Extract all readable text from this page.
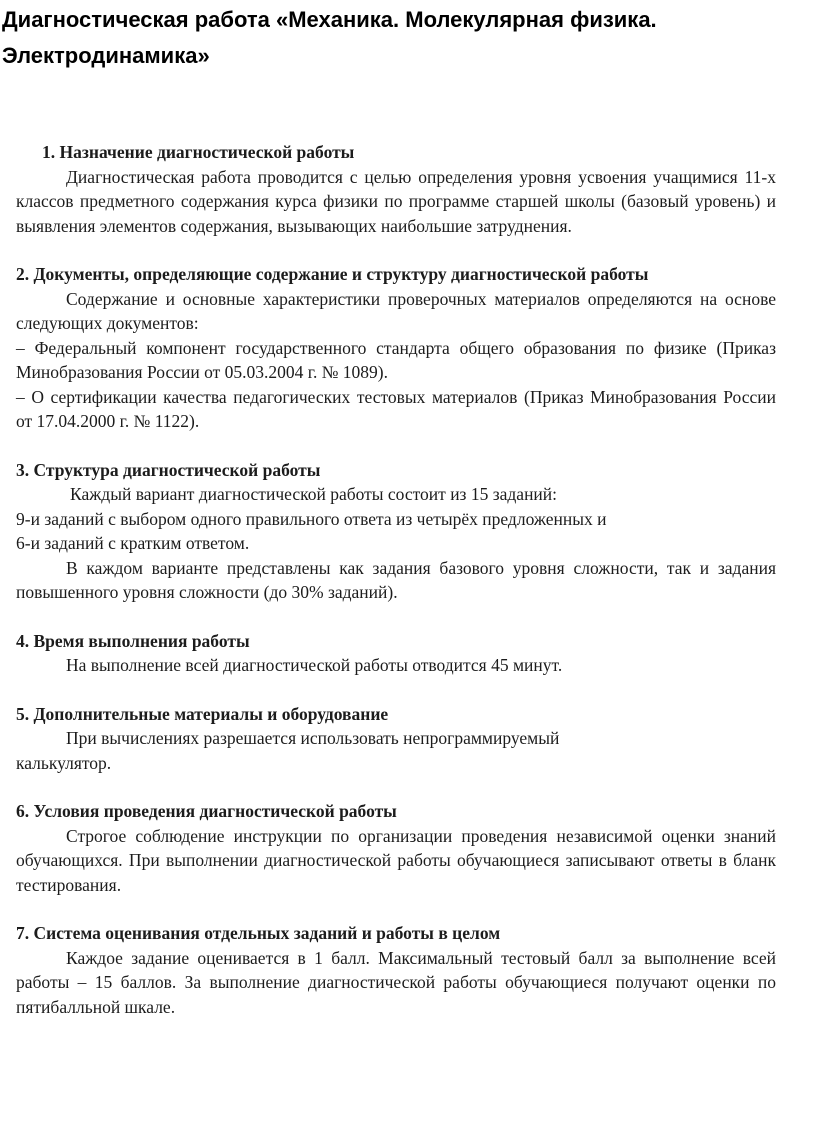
Диагностическая работа «Механика. Молекулярная физика. Электродинамика»

1. Назначение диагностической работы

Диагностическая работа проводится с целью определения уровня усвоения учащимися 11-х классов предметного содержания курса физики по программе старшей школы (базовый уровень) и выявления элементов содержания, вызывающих наибольшие затруднения.

2. Документы, определяющие содержание и структуру диагностической работы

Содержание и основные характеристики проверочных материалов определяются на основе следующих документов:

– Федеральный компонент государственного стандарта общего образования по физике (Приказ Минобразования России от 05.03.2004 г. № 1089).

– О сертификации качества педагогических тестовых материалов (Приказ Минобразования России от 17.04.2000 г. № 1122).

3. Структура диагностической работы

Каждый вариант диагностической работы состоит из 15 заданий:
9-и заданий с выбором одного правильного ответа из четырёх предложенных и
6-и заданий с кратким ответом.

В каждом варианте представлены как задания базового уровня сложности, так и задания повышенного уровня сложности (до 30% заданий).

4. Время выполнения работы

На выполнение всей диагностической работы отводится 45 минут.

5. Дополнительные материалы и оборудование

При вычислениях разрешается использовать непрограммируемый
калькулятор.

6. Условия проведения диагностической работы

Строгое соблюдение инструкции по организации проведения независимой оценки знаний обучающихся. При выполнении диагностической работы обучающиеся записывают ответы в бланк тестирования.

7. Система оценивания отдельных заданий и работы в целом

Каждое задание оценивается в 1 балл. Максимальный тестовый балл за выполнение всей работы – 15 баллов. За выполнение диагностической работы обучающиеся получают оценки по пятибалльной шкале.
